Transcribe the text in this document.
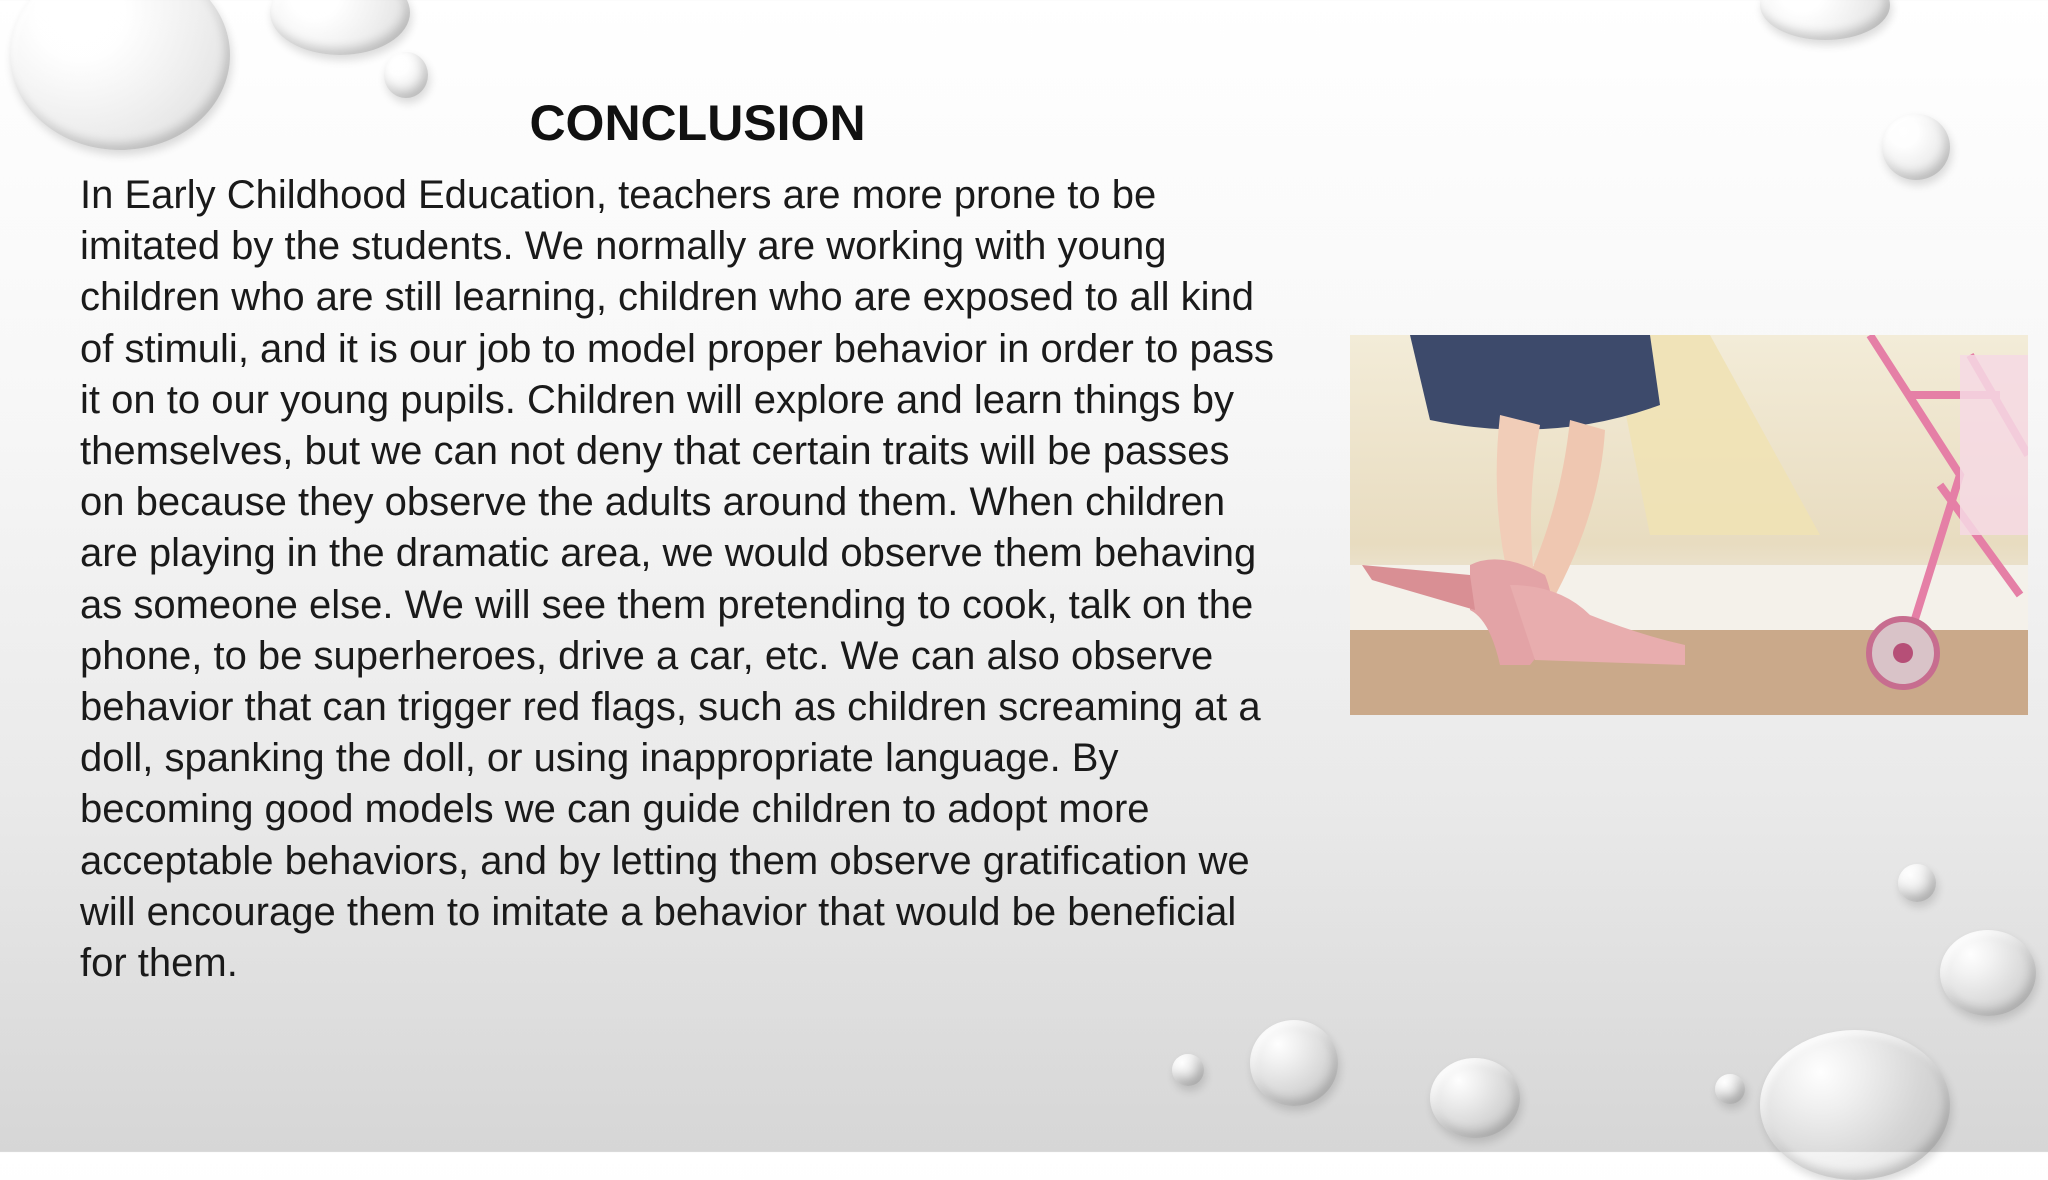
CONCLUSION

In Early Childhood Education, teachers are more prone to be
imitated by the students. We normally are working with young
children who are still learning, children who are exposed to all kind
of stimuli, and it is our job to model proper behavior in order to pass
it on to our young pupils. Children will explore and learn things by
themselves, but we can not deny that certain traits will be passes
on because they observe the adults around them. When children
are playing in the dramatic area, we would observe them behaving
as someone else. We will see them pretending to cook, talk on the
phone, to be superheroes, drive a car, etc. We can also observe
behavior that can trigger red flags, such as children screaming at a
doll, spanking the doll, or using inappropriate language. By
becoming good models we can guide children to adopt more
acceptable behaviors, and by letting them observe gratification we
will encourage them to imitate a behavior that would be beneficial
for them.
